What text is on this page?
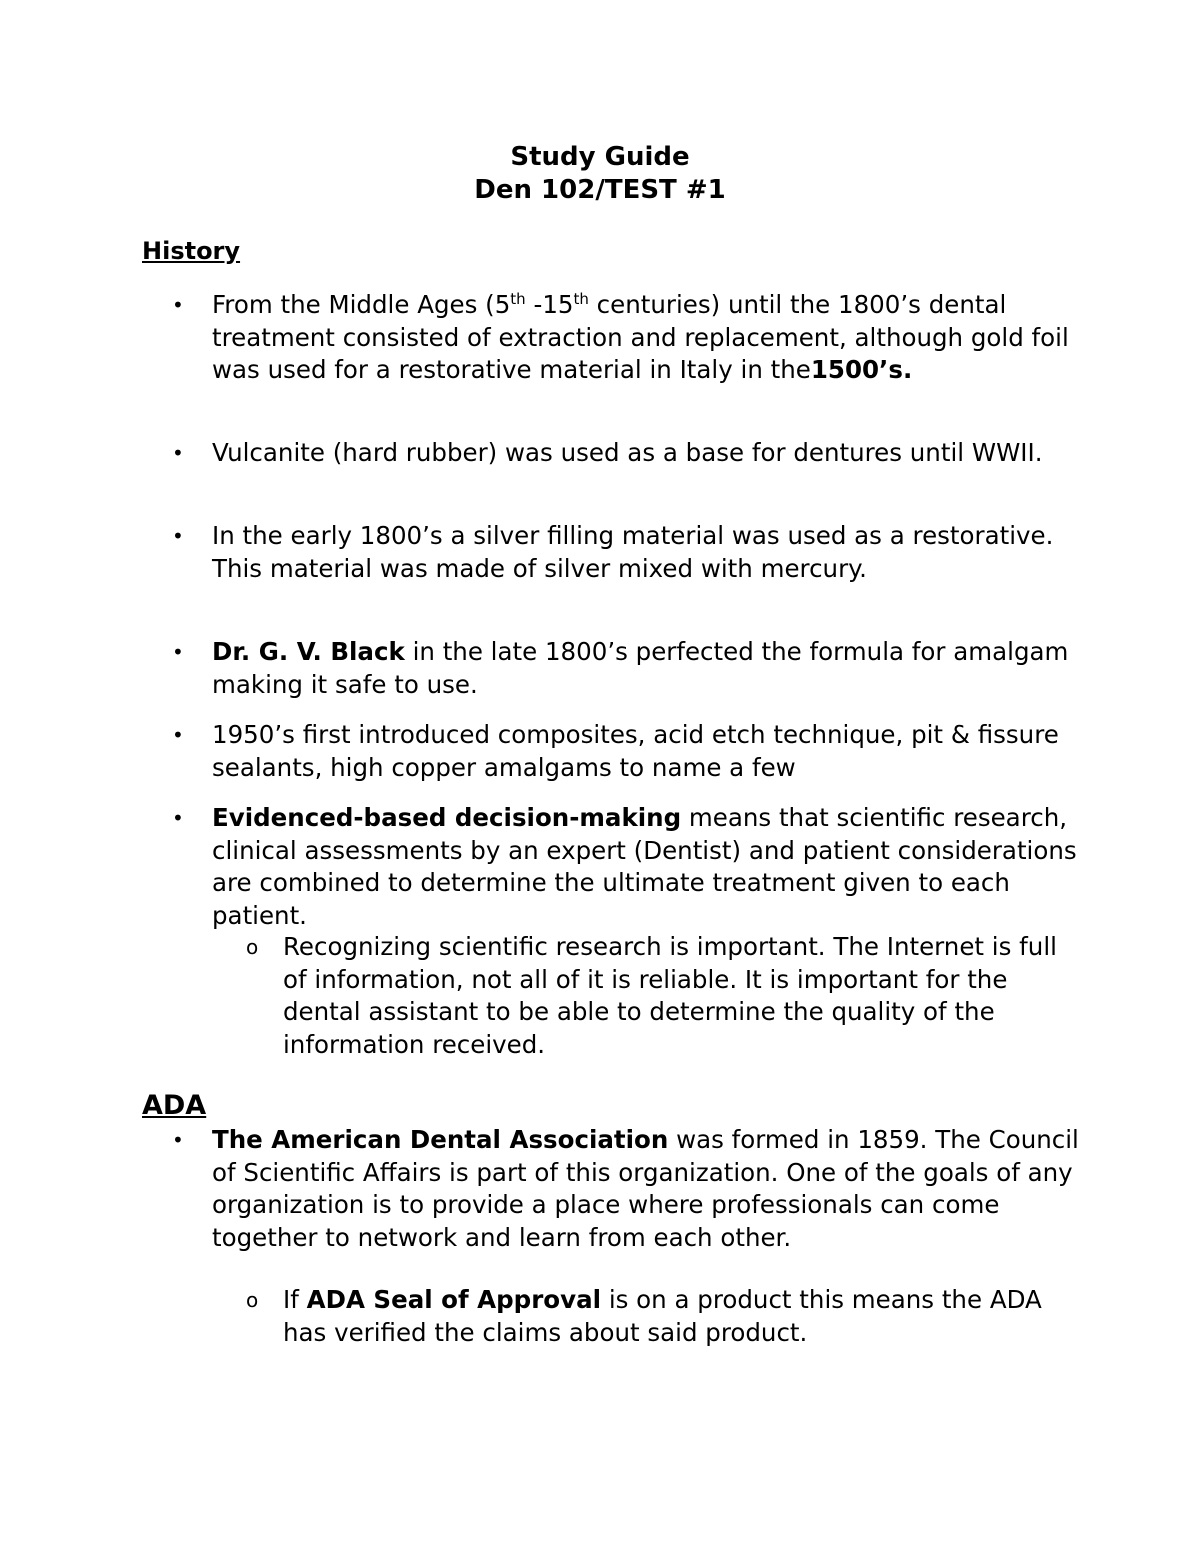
Study Guide
Den 102/TEST #1
History
• From the Middle Ages (5th -15th centuries) until the 1800’s dental treatment consisted of extraction and replacement, although gold foil was used for a restorative material in Italy in the1500’s.
• Vulcanite (hard rubber) was used as a base for dentures until WWII.
• In the early 1800’s a silver filling material was used as a restorative. This material was made of silver mixed with mercury.
• Dr. G. V. Black in the late 1800’s perfected the formula for amalgam making it safe to use.
• 1950’s first introduced composites, acid etch technique, pit & fissure sealants, high copper amalgams to name a few
• Evidenced-based decision-making means that scientific research, clinical assessments by an expert (Dentist) and patient considerations are combined to determine the ultimate treatment given to each patient.
o Recognizing scientific research is important. The Internet is full of information, not all of it is reliable. It is important for the dental assistant to be able to determine the quality of the information received.
ADA
• The American Dental Association was formed in 1859. The Council of Scientific Affairs is part of this organization. One of the goals of any organization is to provide a place where professionals can come together to network and learn from each other.
o If ADA Seal of Approval is on a product this means the ADA has verified the claims about said product.
